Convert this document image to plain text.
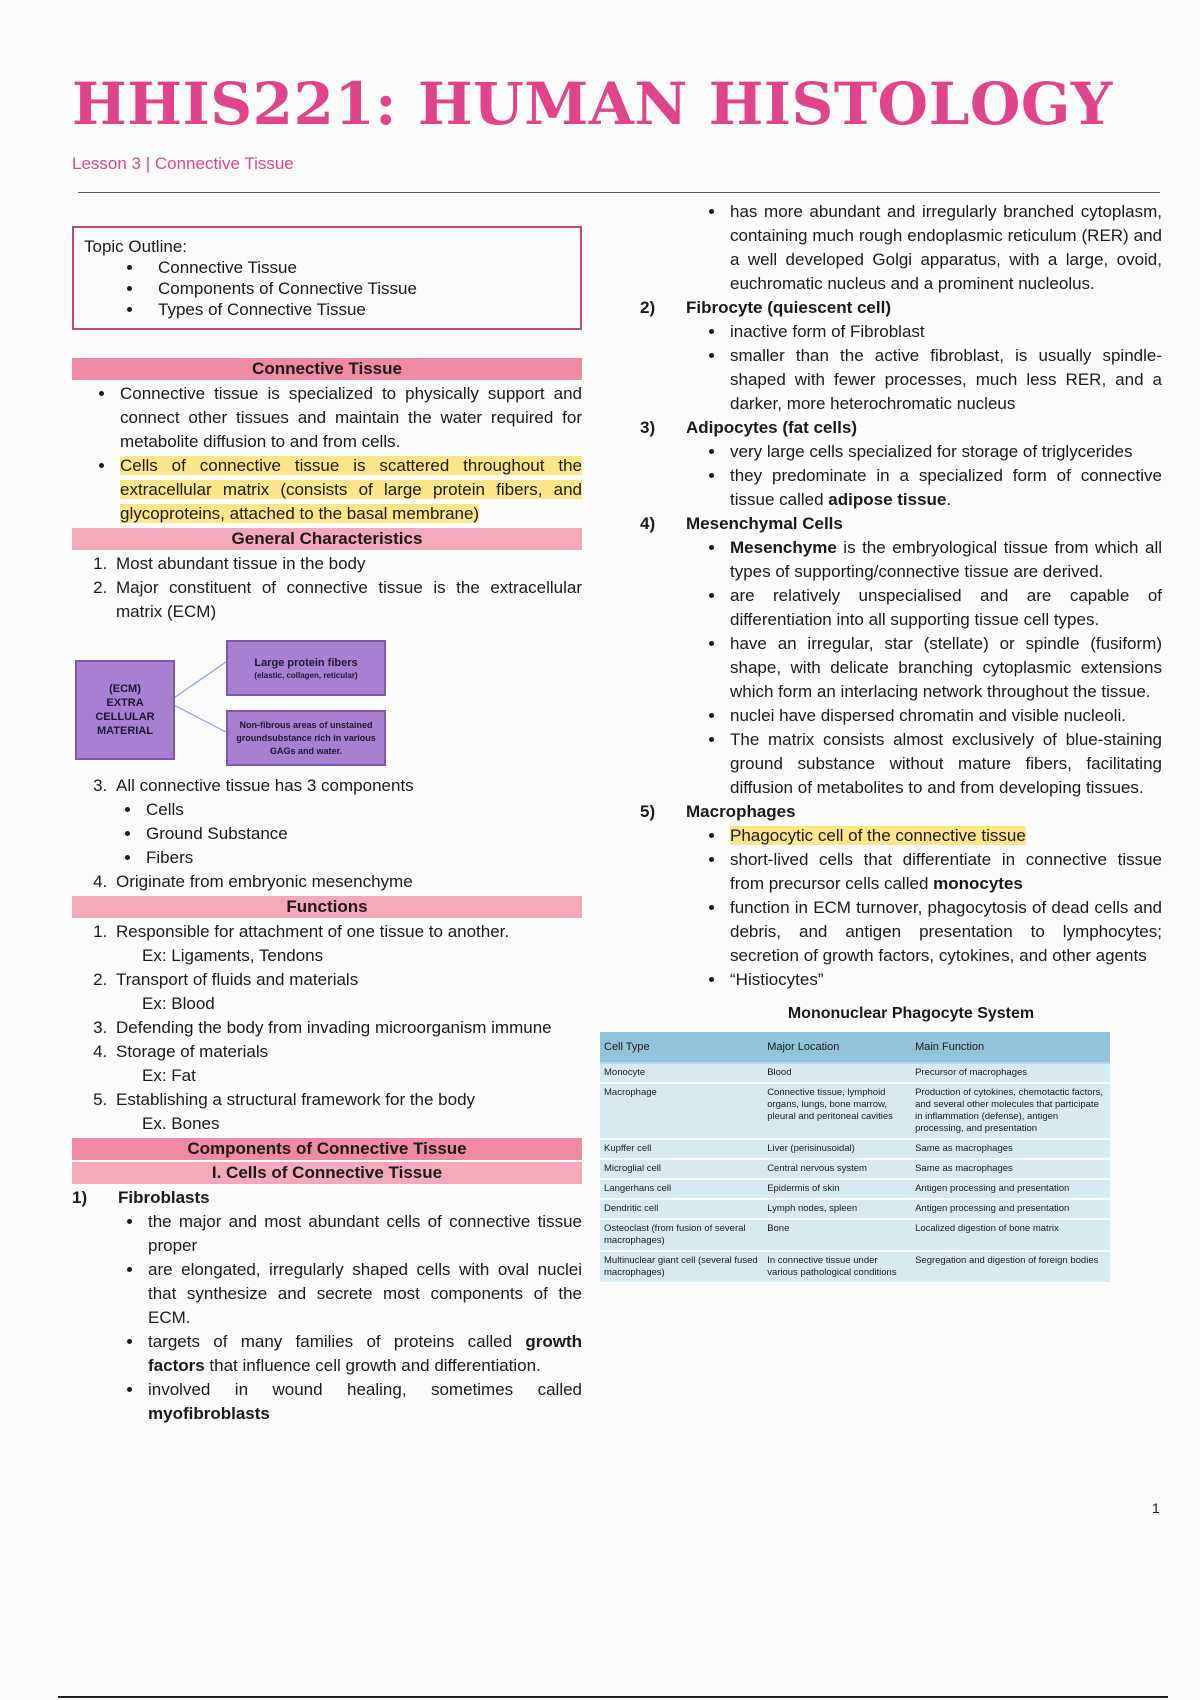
HHIS221: HUMAN HISTOLOGY

Lesson 3 | Connective Tissue

Topic Outline:
• Connective Tissue
• Components of Connective Tissue
• Types of Connective Tissue
Connective Tissue
• Connective tissue is specialized to physically support and connect other tissues and maintain the water required for metabolite diffusion to and from cells.
• Cells of connective tissue is scattered throughout the extracellular matrix (consists of large protein fibers, and glycoproteins, attached to the basal membrane)
General Characteristics
1. Most abundant tissue in the body
2. Major constituent of connective tissue is the extracellular matrix (ECM)
(ECM)
EXTRA
CELLULAR
MATERIAL
Large protein fibers
(elastic, collagen, reticular)
Non-fibrous areas of unstained groundsubstance rich in various GAGs and water.
3. All connective tissue has 3 components
• Cells
• Ground Substance
• Fibers
4. Originate from embryonic mesenchyme
Functions
1. Responsible for attachment of one tissue to another.
Ex: Ligaments, Tendons
2. Transport of fluids and materials
Ex: Blood
3. Defending the body from invading microorganism immune
4. Storage of materials
Ex: Fat
5. Establishing a structural framework for the body
Ex. Bones
Components of Connective Tissue
I. Cells of Connective Tissue
1) Fibroblasts
• the major and most abundant cells of connective tissue proper
• are elongated, irregularly shaped cells with oval nuclei that synthesize and secrete most components of the ECM.
• targets of many families of proteins called growth factors that influence cell growth and differentiation.
• involved in wound healing, sometimes called myofibroblasts
• has more abundant and irregularly branched cytoplasm, containing much rough endoplasmic reticulum (RER) and a well developed Golgi apparatus, with a large, ovoid, euchromatic nucleus and a prominent nucleolus.
2) Fibrocyte (quiescent cell)
• inactive form of Fibroblast
• smaller than the active fibroblast, is usually spindle-shaped with fewer processes, much less RER, and a darker, more heterochromatic nucleus
3) Adipocytes (fat cells)
• very large cells specialized for storage of triglycerides
• they predominate in a specialized form of connective tissue called adipose tissue.
4) Mesenchymal Cells
• Mesenchyme is the embryological tissue from which all types of supporting/connective tissue are derived.
• are relatively unspecialised and are capable of differentiation into all supporting tissue cell types.
• have an irregular, star (stellate) or spindle (fusiform) shape, with delicate branching cytoplasmic extensions which form an interlacing network throughout the tissue.
• nuclei have dispersed chromatin and visible nucleoli.
• The matrix consists almost exclusively of blue-staining ground substance without mature fibers, facilitating diffusion of metabolites to and from developing tissues.
5) Macrophages
• Phagocytic cell of the connective tissue
• short-lived cells that differentiate in connective tissue from precursor cells called monocytes
• function in ECM turnover, phagocytosis of dead cells and debris, and antigen presentation to lymphocytes; secretion of growth factors, cytokines, and other agents
• “Histiocytes”
Mononuclear Phagocyte System
Cell Type	Major Location	Main Function
Monocyte	Blood	Precursor of macrophages
Macrophage	Connective tissue, lymphoid organs, lungs, bone marrow, pleural and peritoneal cavities	Production of cytokines, chemotactic factors, and several other molecules that participate in inflammation (defense), antigen processing, and presentation
Kupffer cell	Liver (perisinusoidal)	Same as macrophages
Microglial cell	Central nervous system	Same as macrophages
Langerhans cell	Epidermis of skin	Antigen processing and presentation
Dendritic cell	Lymph nodes, spleen	Antigen processing and presentation
Osteoclast (from fusion of several macrophages)	Bone	Localized digestion of bone matrix
Multinuclear giant cell (several fused macrophages)	In connective tissue under various pathological conditions	Segregation and digestion of foreign bodies
1
